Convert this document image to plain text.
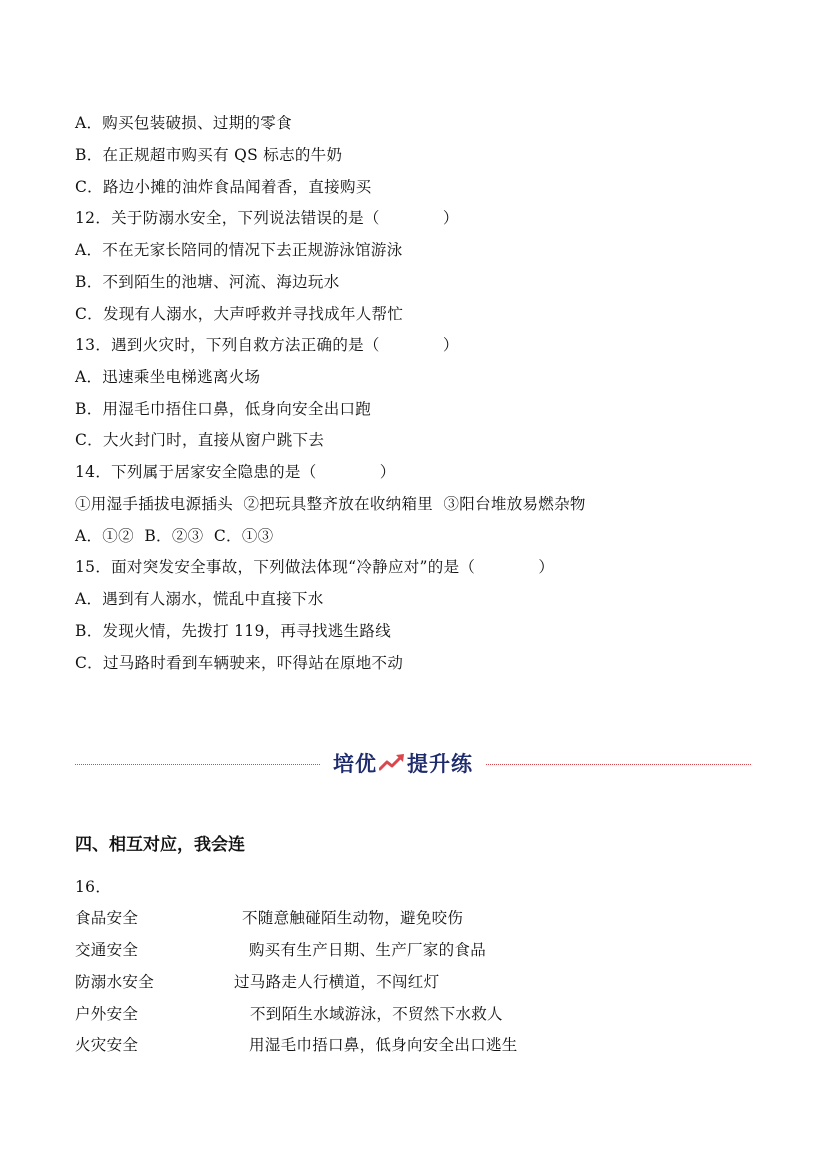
A．购买包装破损、过期的零食
B．在正规超市购买有 QS 标志的牛奶
C．路边小摊的油炸食品闻着香，直接购买
12．关于防溺水安全，下列说法错误的是（　　　　）
A．不在无家长陪同的情况下去正规游泳馆游泳
B．不到陌生的池塘、河流、海边玩水
C．发现有人溺水，大声呼救并寻找成年人帮忙
13．遇到火灾时，下列自救方法正确的是（　　　　）
A．迅速乘坐电梯逃离火场
B．用湿毛巾捂住口鼻，低身向安全出口跑
C．大火封门时，直接从窗户跳下去
14．下列属于居家安全隐患的是（　　　　）
①用湿手插拔电源插头  ②把玩具整齐放在收纳箱里  ③阳台堆放易燃杂物
A．①②  B．②③  C．①③
15．面对突发安全事故，下列做法体现“冷静应对”的是（　　　　）
A．遇到有人溺水，慌乱中直接下水
B．发现火情，先拨打 119，再寻找逃生路线
C．过马路时看到车辆驶来，吓得站在原地不动
培优 提升练
四、相互对应，我会连
16．
食品安全
交通安全
防溺水安全
户外安全
火灾安全
不随意触碰陌生动物，避免咬伤
购买有生产日期、生产厂家的食品
过马路走人行横道，不闯红灯
不到陌生水域游泳，不贸然下水救人
用湿毛巾捂口鼻，低身向安全出口逃生
